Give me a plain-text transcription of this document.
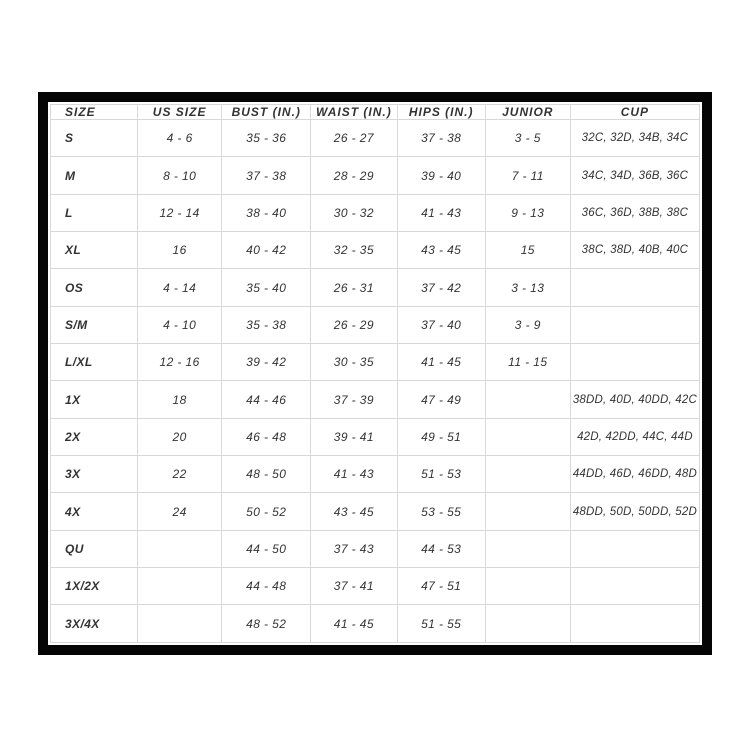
SIZE	US SIZE	BUST (IN.)	WAIST (IN.)	HIPS (IN.)	JUNIOR	CUP
S	4 - 6	35 - 36	26 - 27	37 - 38	3 - 5	32C, 32D, 34B, 34C
M	8 - 10	37 - 38	28 - 29	39 - 40	7 - 11	34C, 34D, 36B, 36C
L	12 - 14	38 - 40	30 - 32	41 - 43	9 - 13	36C, 36D, 38B, 38C
XL	16	40 - 42	32 - 35	43 - 45	15	38C, 38D, 40B, 40C
OS	4 - 14	35 - 40	26 - 31	37 - 42	3 - 13	
S/M	4 - 10	35 - 38	26 - 29	37 - 40	3 - 9	
L/XL	12 - 16	39 - 42	30 - 35	41 - 45	11 - 15	
1X	18	44 - 46	37 - 39	47 - 49		38DD, 40D, 40DD, 42C
2X	20	46 - 48	39 - 41	49 - 51		42D, 42DD, 44C, 44D
3X	22	48 - 50	41 - 43	51 - 53		44DD, 46D, 46DD, 48D
4X	24	50 - 52	43 - 45	53 - 55		48DD, 50D, 50DD, 52D
QU		44 - 50	37 - 43	44 - 53		
1X/2X		44 - 48	37 - 41	47 - 51		
3X/4X		48 - 52	41 - 45	51 - 55		
